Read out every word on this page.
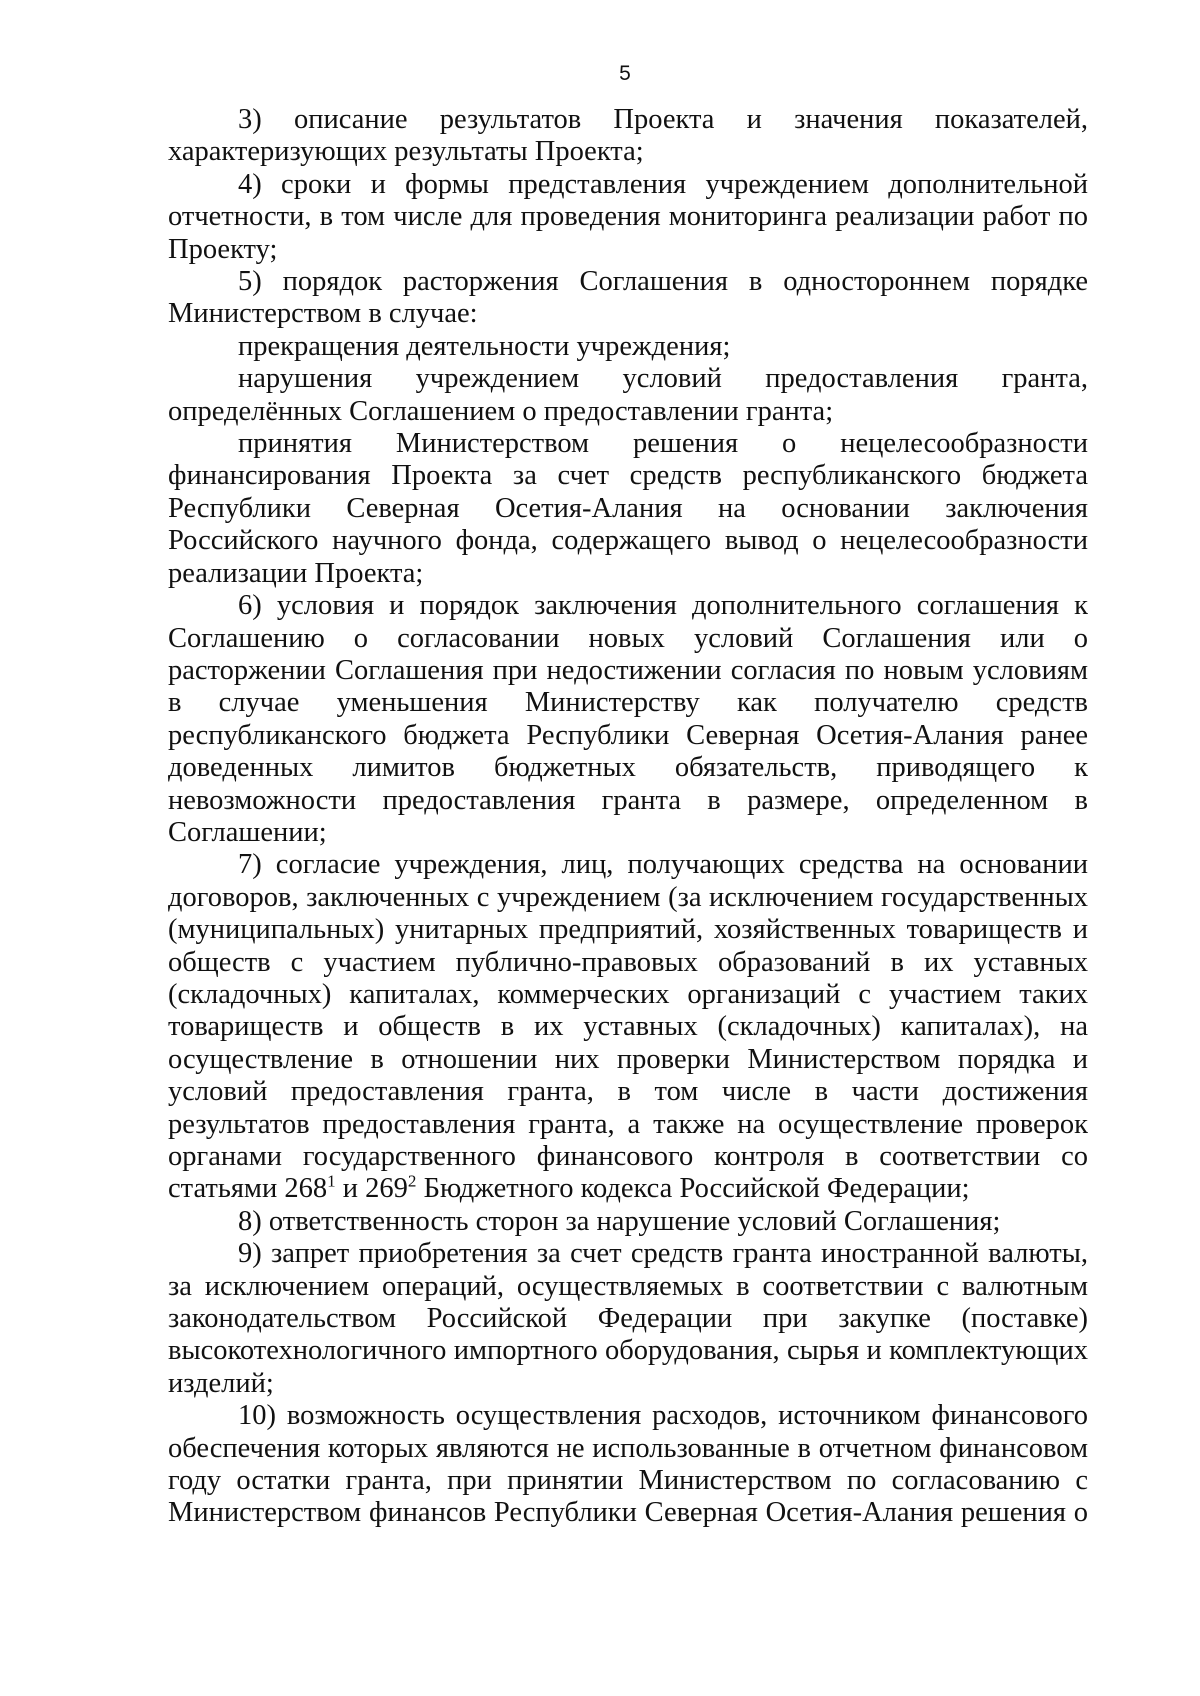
5

3) описание результатов Проекта и значения показателей, характеризующих результаты Проекта;

4) сроки и формы представления учреждением дополнительной отчетности, в том числе для проведения мониторинга реализации работ по Проекту;

5) порядок расторжения Соглашения в одностороннем порядке Министерством в случае:

прекращения деятельности учреждения;

нарушения учреждением условий предоставления гранта, определённых Соглашением о предоставлении гранта;

принятия Министерством решения о нецелесообразности финансирования Проекта за счет средств республиканского бюджета Республики Северная Осетия-Алания на основании заключения Российского научного фонда, содержащего вывод о нецелесообразности реализации Проекта;

6) условия и порядок заключения дополнительного соглашения к Соглашению о согласовании новых условий Соглашения или о расторжении Соглашения при недостижении согласия по новым условиям в случае уменьшения Министерству как получателю средств республиканского бюджета Республики Северная Осетия-Алания ранее доведенных лимитов бюджетных обязательств, приводящего к невозможности предоставления гранта в размере, определенном в Соглашении;

7) согласие учреждения, лиц, получающих средства на основании договоров, заключенных с учреждением (за исключением государственных (муниципальных) унитарных предприятий, хозяйственных товариществ и обществ с участием публично-правовых образований в их уставных (складочных) капиталах, коммерческих организаций с участием таких товариществ и обществ в их уставных (складочных) капиталах), на осуществление в отношении них проверки Министерством порядка и условий предоставления гранта, в том числе в части достижения результатов предоставления гранта, а также на осуществление проверок органами государственного финансового контроля в соответствии со статьями $268^1$ и $269^2$ Бюджетного кодекса Российской Федерации;

8) ответственность сторон за нарушение условий Соглашения;

9) запрет приобретения за счет средств гранта иностранной валюты, за исключением операций, осуществляемых в соответствии с валютным законодательством Российской Федерации при закупке (поставке) высокотехнологичного импортного оборудования, сырья и комплектующих изделий;

10) возможность осуществления расходов, источником финансового обеспечения которых являются не использованные в отчетном финансовом году остатки гранта, при принятии Министерством по согласованию с Министерством финансов Республики Северная Осетия-Алания решения о
